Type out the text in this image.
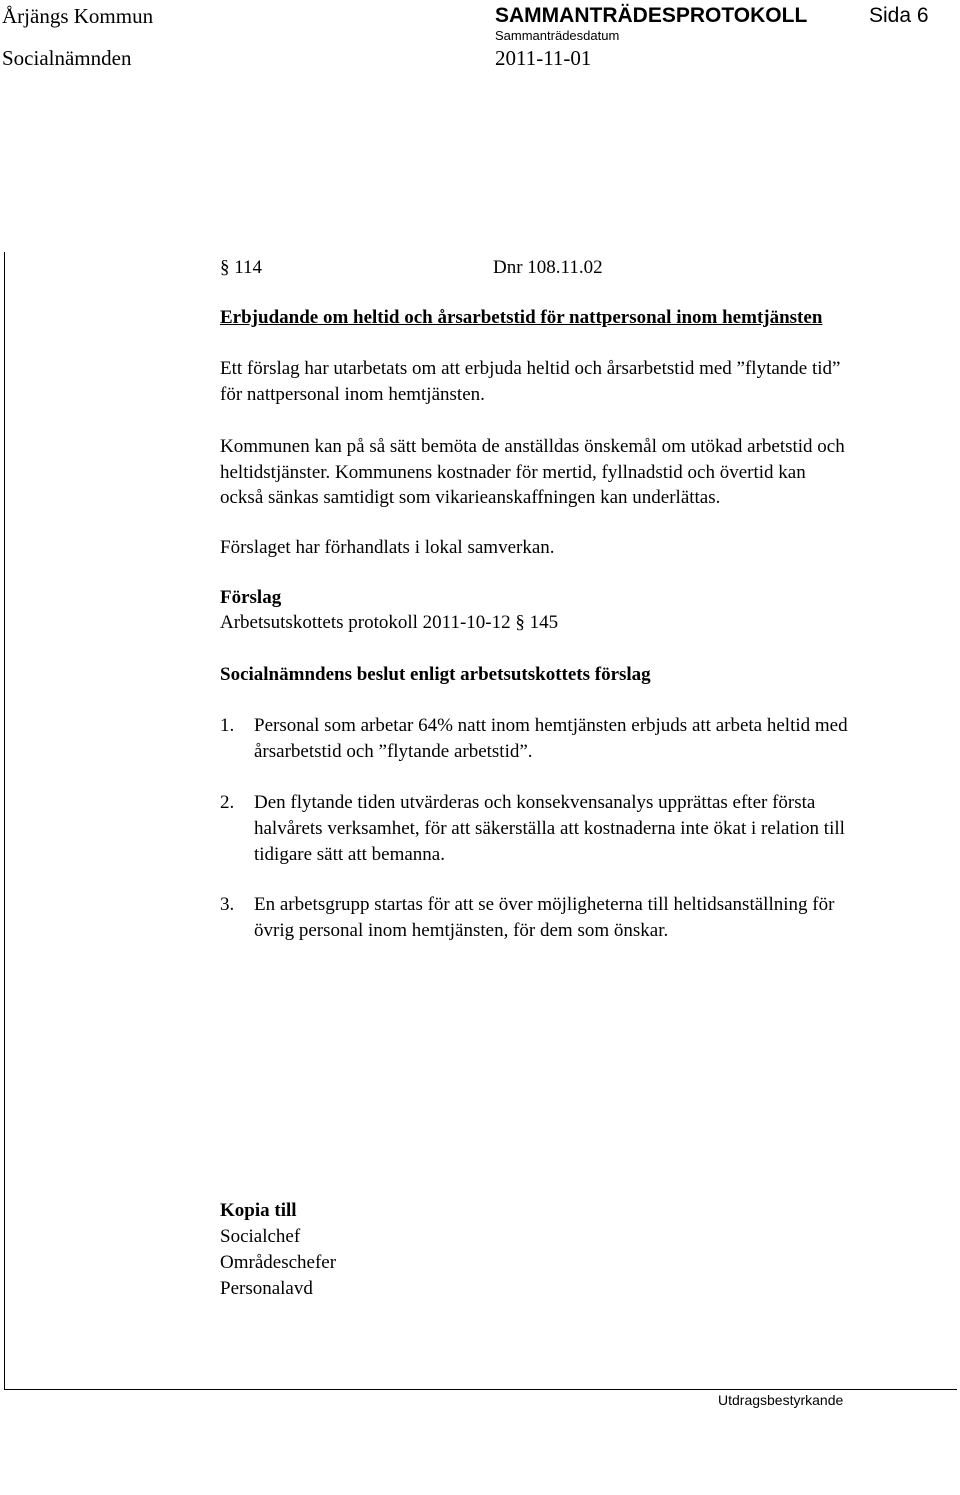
Årjängs Kommun	SAMMANTRÄDESPROTOKOLL	Sida 6
Socialnämnden
Sammanträdesdatum
2011-11-01
§ 114	Dnr 108.11.02
Erbjudande om heltid och årsarbetstid för nattpersonal inom hemtjänsten
Ett förslag har utarbetats om att erbjuda heltid och årsarbetstid med ”flytande tid”
för nattpersonal inom hemtjänsten.
Kommunen kan på så sätt bemöta de anställdas önskemål om utökad arbetstid och
heltidstjänster. Kommunens kostnader för mertid, fyllnadstid och övertid kan
också sänkas samtidigt som vikarieanskaffningen kan underlättas.
Förslaget har förhandlats i lokal samverkan.
Förslag
Arbetsutskottets protokoll 2011-10-12 § 145
Socialnämndens beslut enligt arbetsutskottets förslag
1. Personal som arbetar 64% natt inom hemtjänsten erbjuds att arbeta heltid med
årsarbetstid och ”flytande arbetstid”.
2. Den flytande tiden utvärderas och konsekvensanalys upprättas efter första
halvårets verksamhet, för att säkerställa att kostnaderna inte ökat i relation till
tidigare sätt att bemanna.
3. En arbetsgrupp startas för att se över möjligheterna till heltidsanställning för
övrig personal inom hemtjänsten, för dem som önskar.
Kopia till
Socialchef
Områdeschefer
Personalavd
Utdragsbestyrkande
